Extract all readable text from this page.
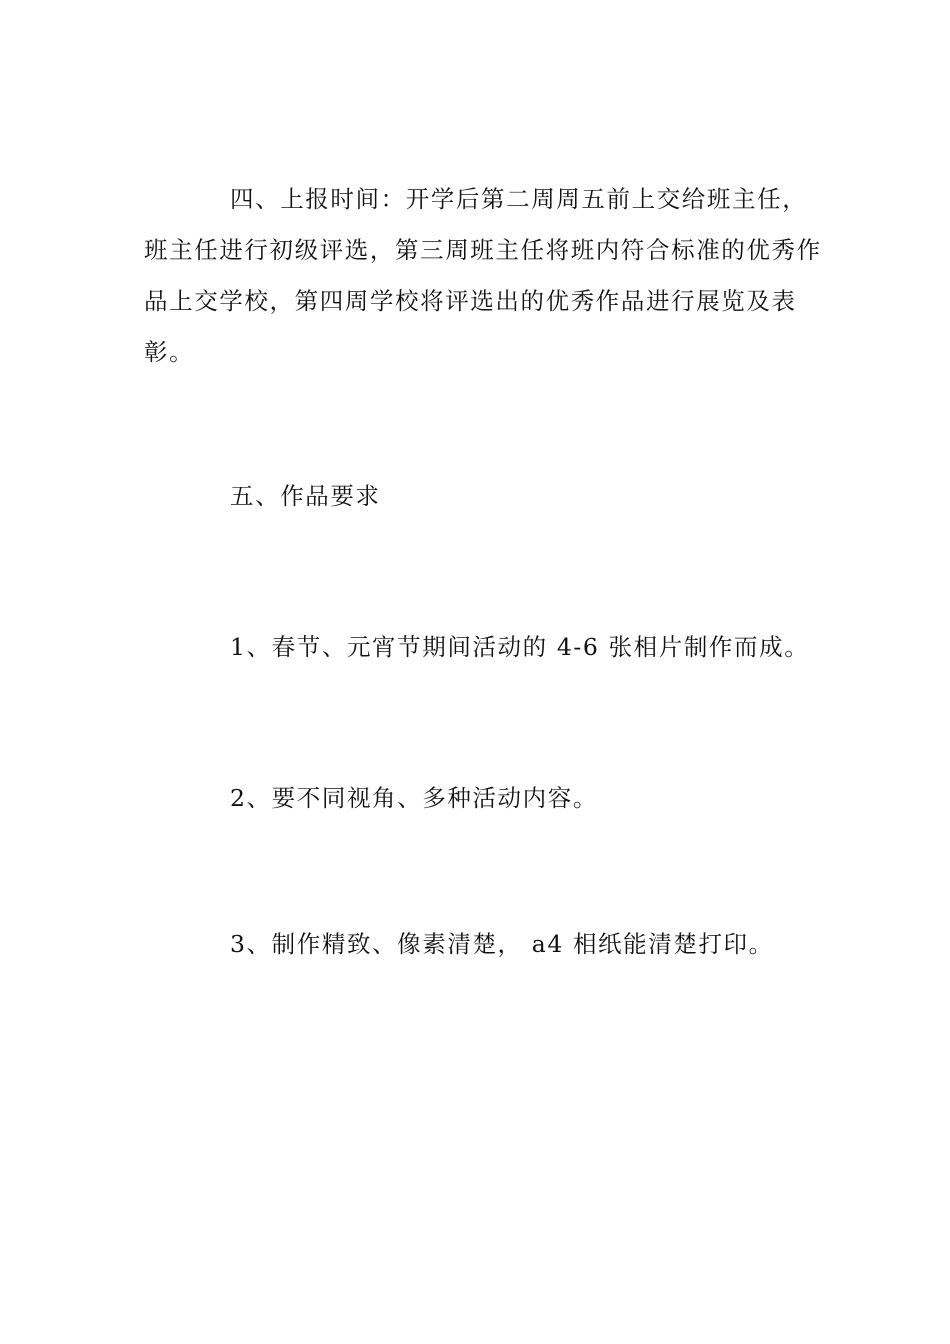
四、上报时间：开学后第二周周五前上交给班主任，班主任进行初级评选，第三周班主任将班内符合标准的优秀作品上交学校，第四周学校将评选出的优秀作品进行展览及表彰。

五、作品要求

1、春节、元宵节期间活动的 4-6 张相片制作而成。

2、要不同视角、多种活动内容。

3、制作精致、像素清楚， a4 相纸能清楚打印。
